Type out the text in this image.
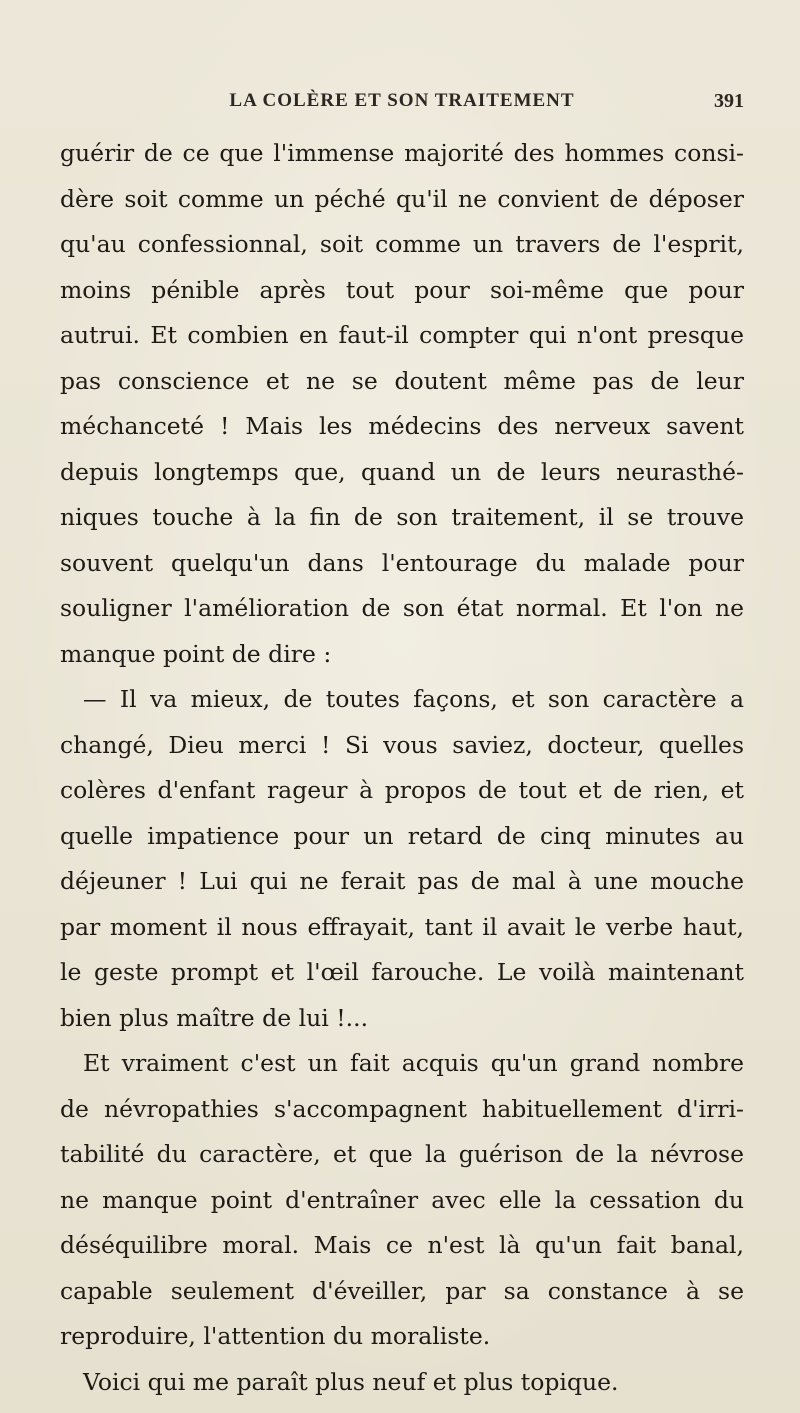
LA COLÈRE ET SON TRAITEMENT	391
guérir de ce que l'immense majorité des hommes consi-
dère soit comme un péché qu'il ne convient de déposer
qu'au confessionnal, soit comme un travers de l'esprit,
moins pénible après tout pour soi-même que pour
autrui. Et combien en faut-il compter qui n'ont presque
pas conscience et ne se doutent même pas de leur
méchanceté ! Mais les médecins des nerveux savent
depuis longtemps que, quand un de leurs neurasthé-
niques touche à la fin de son traitement, il se trouve
souvent quelqu'un dans l'entourage du malade pour
souligner l'amélioration de son état normal. Et l'on ne
manque point de dire :
— Il va mieux, de toutes façons, et son caractère a
changé, Dieu merci ! Si vous saviez, docteur, quelles
colères d'enfant rageur à propos de tout et de rien, et
quelle impatience pour un retard de cinq minutes au
déjeuner ! Lui qui ne ferait pas de mal à une mouche
par moment il nous effrayait, tant il avait le verbe haut,
le geste prompt et l'œil farouche. Le voilà maintenant
bien plus maître de lui !...
Et vraiment c'est un fait acquis qu'un grand nombre
de névropathies s'accompagnent habituellement d'irri-
tabilité du caractère, et que la guérison de la névrose
ne manque point d'entraîner avec elle la cessation du
déséquilibre moral. Mais ce n'est là qu'un fait banal,
capable seulement d'éveiller, par sa constance à se
reproduire, l'attention du moraliste.
Voici qui me paraît plus neuf et plus topique.
